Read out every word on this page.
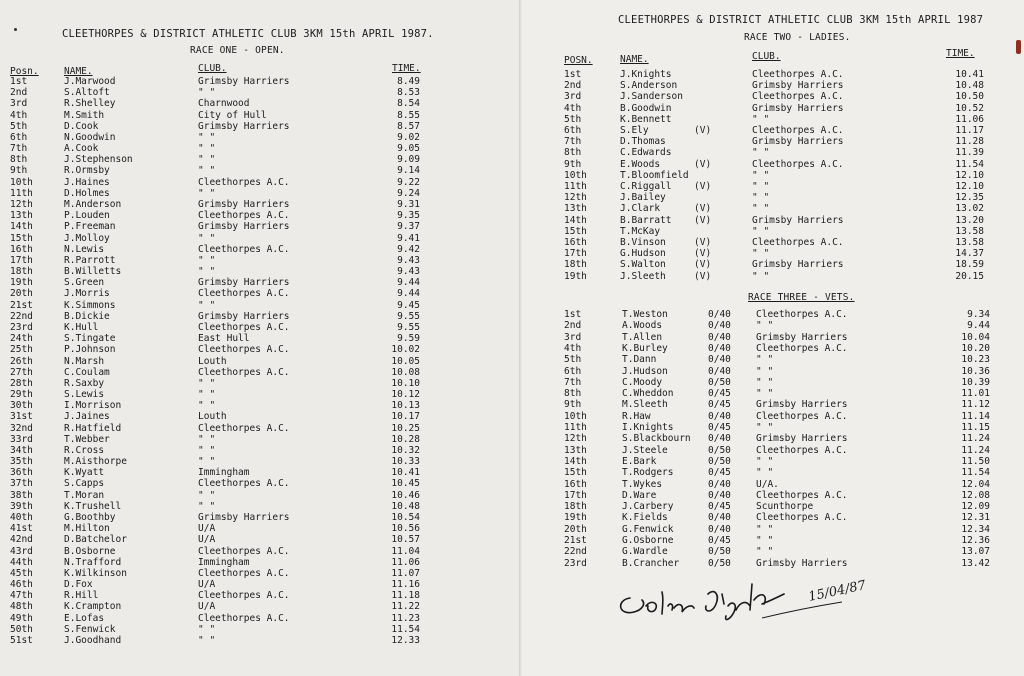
CLEETHORPES & DISTRICT ATHLETIC CLUB 3KM 15th APRIL 1987.
RACE ONE - OPEN.
Posn.	NAME.	CLUB.	TIME.
1st	J.Marwood	Grimsby Harriers	8.49
2nd	S.Altoft	" "	8.53
3rd	R.Shelley	Charnwood	8.54
4th	M.Smith	City of Hull	8.55
5th	D.Cook	Grimsby Harriers	8.57
6th	N.Goodwin	" "	9.02
7th	A.Cook	" "	9.05
8th	J.Stephenson	" "	9.09
9th	R.Ormsby	" "	9.14
10th	J.Haines	Cleethorpes A.C.	9.22
11th	D.Holmes	" "	9.24
12th	M.Anderson	Grimsby Harriers	9.31
13th	P.Louden	Cleethorpes A.C.	9.35
14th	P.Freeman	Grimsby Harriers	9.37
15th	J.Molloy	" "	9.41
16th	N.Lewis	Cleethorpes A.C.	9.42
17th	R.Parrott	" "	9.43
18th	B.Willetts	" "	9.43
19th	S.Green	Grimsby Harriers	9.44
20th	J.Morris	Cleethorpes A.C.	9.44
21st	K.Simmons	" "	9.45
22nd	B.Dickie	Grimsby Harriers	9.55
23rd	K.Hull	Cleethorpes A.C.	9.55
24th	S.Tingate	East Hull	9.59
25th	P.Johnson	Cleethorpes A.C.	10.02
26th	N.Marsh	Louth	10.05
27th	C.Coulam	Cleethorpes A.C.	10.08
28th	R.Saxby	" "	10.10
29th	S.Lewis	" "	10.12
30th	I.Morrison	" "	10.13
31st	J.Jaines	Louth	10.17
32nd	R.Hatfield	Cleethorpes A.C.	10.25
33rd	T.Webber	" "	10.28
34th	R.Cross	" "	10.32
35th	M.Aisthorpe	" "	10.33
36th	K.Wyatt	Immingham	10.41
37th	S.Capps	Cleethorpes A.C.	10.45
38th	T.Moran	" "	10.46
39th	K.Trushell	" "	10.48
40th	G.Boothby	Grimsby Harriers	10.54
41st	M.Hilton	U/A	10.56
42nd	D.Batchelor	U/A	10.57
43rd	B.Osborne	Cleethorpes A.C.	11.04
44th	N.Trafford	Immingham	11.06
45th	K.Wilkinson	Cleethorpes A.C.	11.07
46th	D.Fox	U/A	11.16
47th	R.Hill	Cleethorpes A.C.	11.18
48th	K.Crampton	U/A	11.22
49th	E.Lofas	Cleethorpes A.C.	11.23
50th	S.Fenwick	" "	11.54
51st	J.Goodhand	" "	12.33
CLEETHORPES & DISTRICT ATHLETIC CLUB 3KM 15th APRIL 1987
RACE TWO - LADIES.
POSN.	NAME.	CLUB.	TIME.
1st	J.Knights	Cleethorpes A.C.	10.41
2nd	S.Anderson	Grimsby Harriers	10.48
3rd	J.Sanderson	Cleethorpes A.C.	10.50
4th	B.Goodwin	Grimsby Harriers	10.52
5th	K.Bennett	" "	11.06
6th	S.Ely	(V)	Cleethorpes A.C.	11.17
7th	D.Thomas	Grimsby Harriers	11.28
8th	C.Edwards	" "	11.39
9th	E.Woods	(V)	Cleethorpes A.C.	11.54
10th	T.Bloomfield	" "	12.10
11th	C.Riggall (V)	" "	12.10
12th	J.Bailey	" "	12.35
13th	J.Clark	(V)	" "	13.02
14th	B.Barratt (V)	Grimsby Harriers	13.20
15th	T.McKay	" "	13.58
16th	B.Vinson	(V)	Cleethorpes A.C.	13.58
17th	G.Hudson	(V)	" "	14.37
18th	S.Walton	(V)	Grimsby Harriers	18.59
19th	J.Sleeth	(V)	" "	20.15
RACE THREE - VETS.
1st	T.Weston	0/40	Cleethorpes A.C.	9.34
2nd	A.Woods	0/40	" "	9.44
3rd	T.Allen	0/40	Grimsby Harriers	10.04
4th	K.Burley	0/40	Cleethorpes A.C.	10.20
5th	T.Dann	0/40	" "	10.23
6th	J.Hudson	0/40	" "	10.36
7th	C.Moody	0/50	" "	10.39
8th	C.Wheddon	0/45	" "	11.01
9th	M.Sleeth	0/45	Grimsby Harriers	11.12
10th	R.Haw	0/40	Cleethorpes A.C.	11.14
11th	I.Knights	0/45	" "	11.15
12th	S.Blackbourn 0/40	Grimsby Harriers	11.24
13th	J.Steele	0/50	Cleethorpes A.C.	11.24
14th	E.Bark	0/50	" "	11.50
15th	T.Rodgers	0/45	" "	11.54
16th	T.Wykes	0/40	U/A.	12.04
17th	D.Ware	0/40	Cleethorpes A.C.	12.08
18th	J.Carbery	0/45	Scunthorpe	12.09
19th	K.Fields	0/40	Cleethorpes A.C.	12.31
20th	G.Fenwick	0/40	" "	12.34
21st	G.Osborne	0/45	" "	12.36
22nd	G.Wardle	0/50	" "	13.07
23rd	B.Crancher	0/50	Grimsby Harriers	13.42
15/04/87
